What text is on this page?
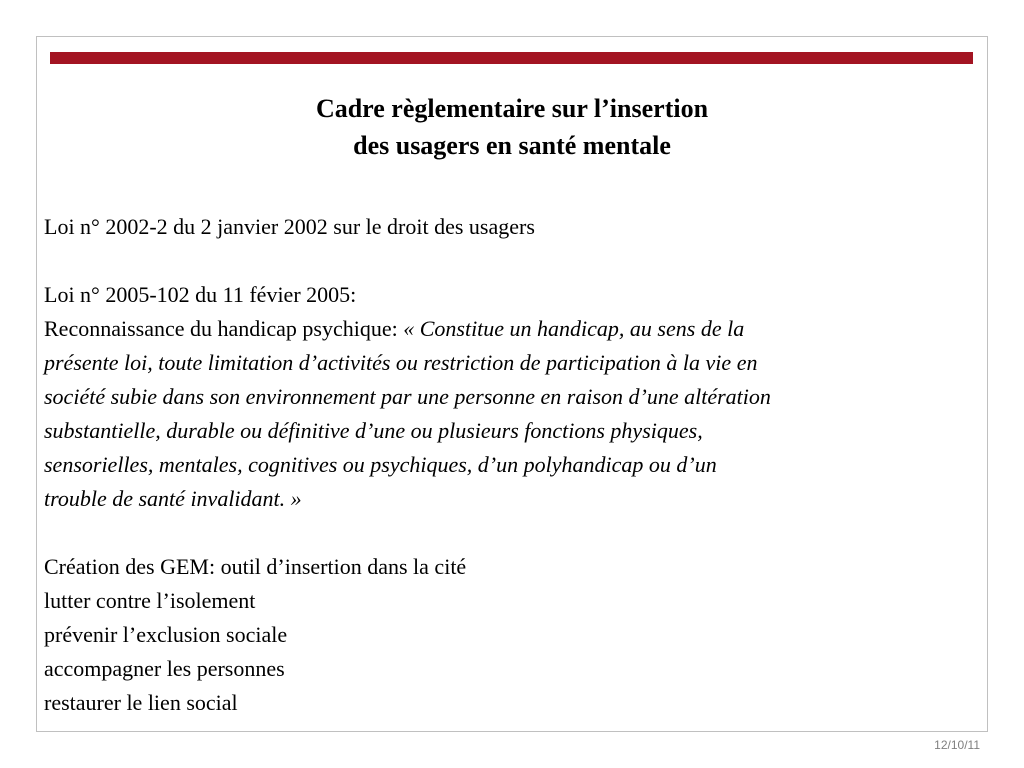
Cadre règlementaire sur l’insertion
des usagers en santé mentale
Loi n° 2002-2 du 2 janvier 2002 sur le droit des usagers
Loi n° 2005-102 du 11 févier 2005:
Reconnaissance du handicap psychique: « Constitue un handicap, au sens de la
présente loi, toute limitation d’activités ou restriction de participation à la vie en
société subie dans son environnement par une personne en raison d’une altération
substantielle, durable ou définitive d’une ou plusieurs fonctions physiques,
sensorielles, mentales, cognitives ou psychiques, d’un polyhandicap ou d’un
trouble de santé invalidant. »
Création des GEM: outil d’insertion dans la cité
lutter contre l’isolement
prévenir l’exclusion sociale
accompagner les personnes
restaurer le lien social
12/10/11
